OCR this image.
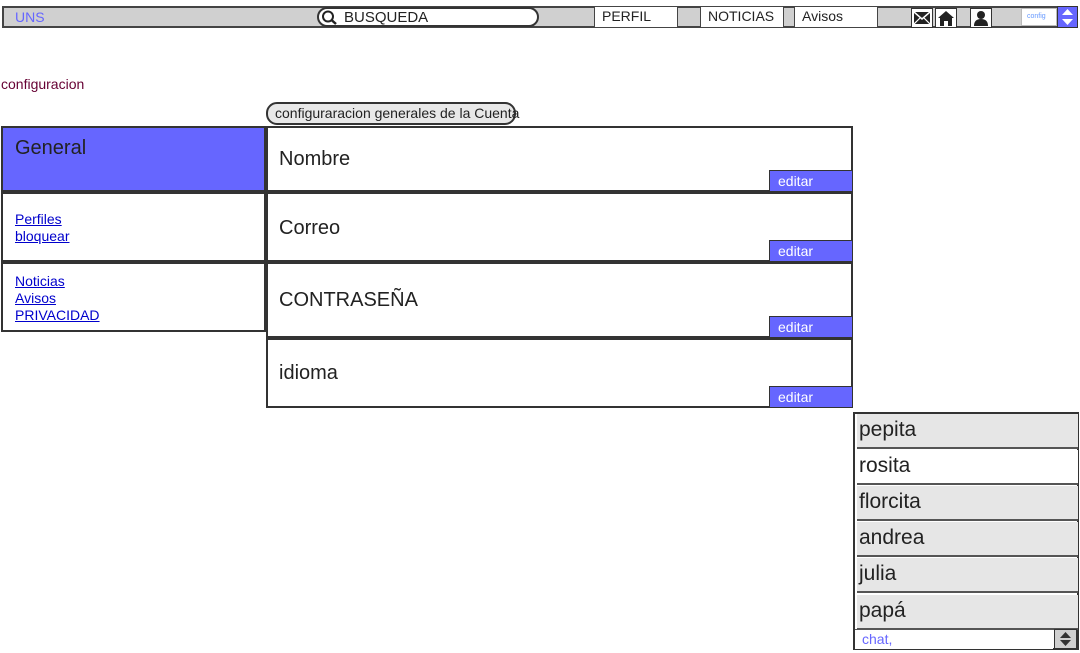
UNS	BUSQUEDA	PERFIL	NOTICIAS	Avisos	config
configuracion
configuraracion generales de la Cuenta
General
Perfiles
bloquear
Noticias
Avisos
PRIVACIDAD
Nombre
editar
Correo
editar
CONTRASEÑA
editar
idioma
editar
pepita
rosita
florcita
andrea
julia
papá
chat,
